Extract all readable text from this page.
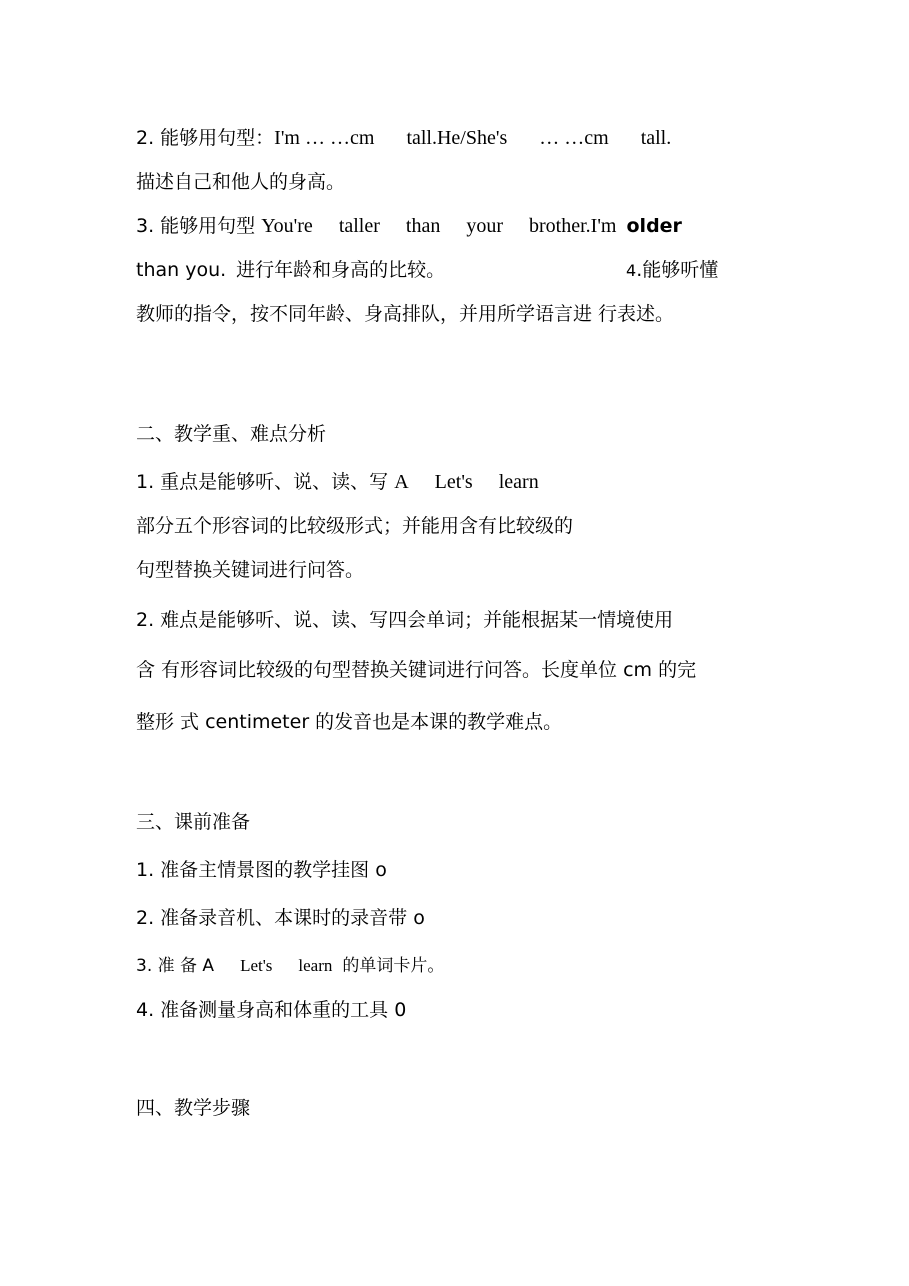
2. 能够用句型：I'm … …cm tall.He/She's … …cm tall.
描述自己和他人的身高。
3. 能够用句型 You're taller than your brother.I'm older
than you. 进行年龄和身高的比较。	4.能够听懂
教师的指令，按不同年龄、身高排队，并用所学语言进 行表述。
二、教学重、难点分析
1. 重点是能够听、说、读、写 A Let's learn
部分五个形容词的比较级形式；并能用含有比较级的
句型替换关键词进行问答。
2. 难点是能够听、说、读、写四会单词；并能根据某一情境使用
含 有形容词比较级的句型替换关键词进行问答。长度单位 cm 的完
整形 式 centimeter 的发音也是本课的教学难点。
三、课前准备
1. 准备主情景图的教学挂图 o
2. 准备录音机、本课时的录音带 o
3. 准 备 A Let's learn 的单词卡片。
4. 准备测量身高和体重的工具 0
四、教学步骤
